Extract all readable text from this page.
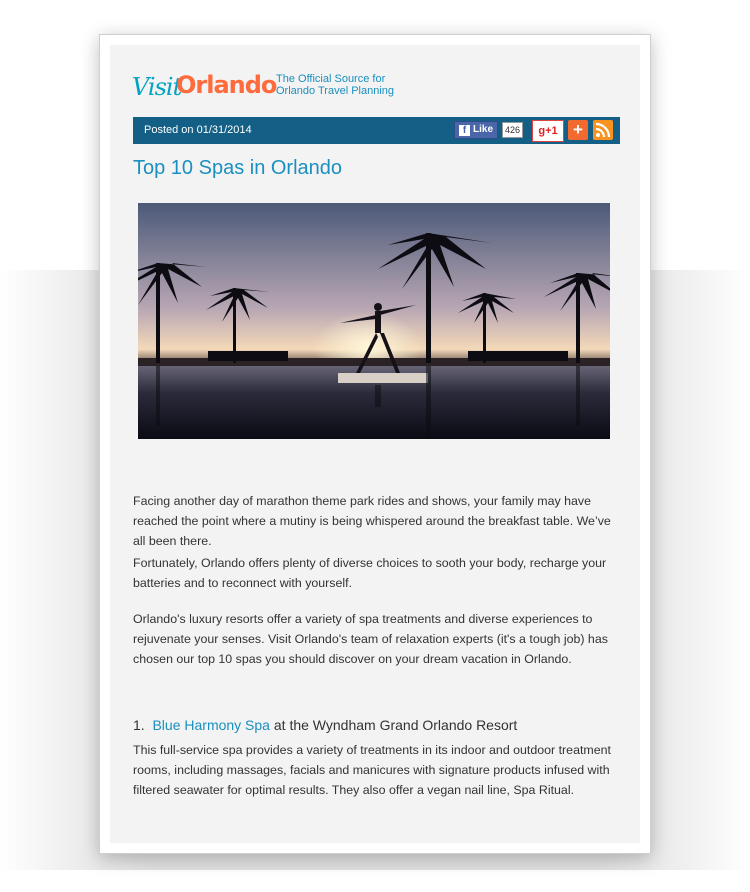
Visit
Orlando The Official Source for
Orlando Travel Planning
Posted on 01/31/2014	f Like	426	g+1 +
Top 10 Spas in Orlando

Facing another day of marathon theme park rides and shows, your family may have reached the point where a mutiny is being whispered around the breakfast table. We’ve all been there.

Fortunately, Orlando offers plenty of diverse choices to sooth your body, recharge your batteries and to reconnect with yourself.

Orlando's luxury resorts offer a variety of spa treatments and diverse experiences to rejuvenate your senses. Visit Orlando's team of relaxation experts (it's a tough job) has chosen our top 10 spas you should discover on your dream vacation in Orlando.

1. Blue Harmony Spa at the Wyndham Grand Orlando Resort

This full-service spa provides a variety of treatments in its indoor and outdoor treatment rooms, including massages, facials and manicures with signature products infused with filtered seawater for optimal results. They also offer a vegan nail line, Spa Ritual.
